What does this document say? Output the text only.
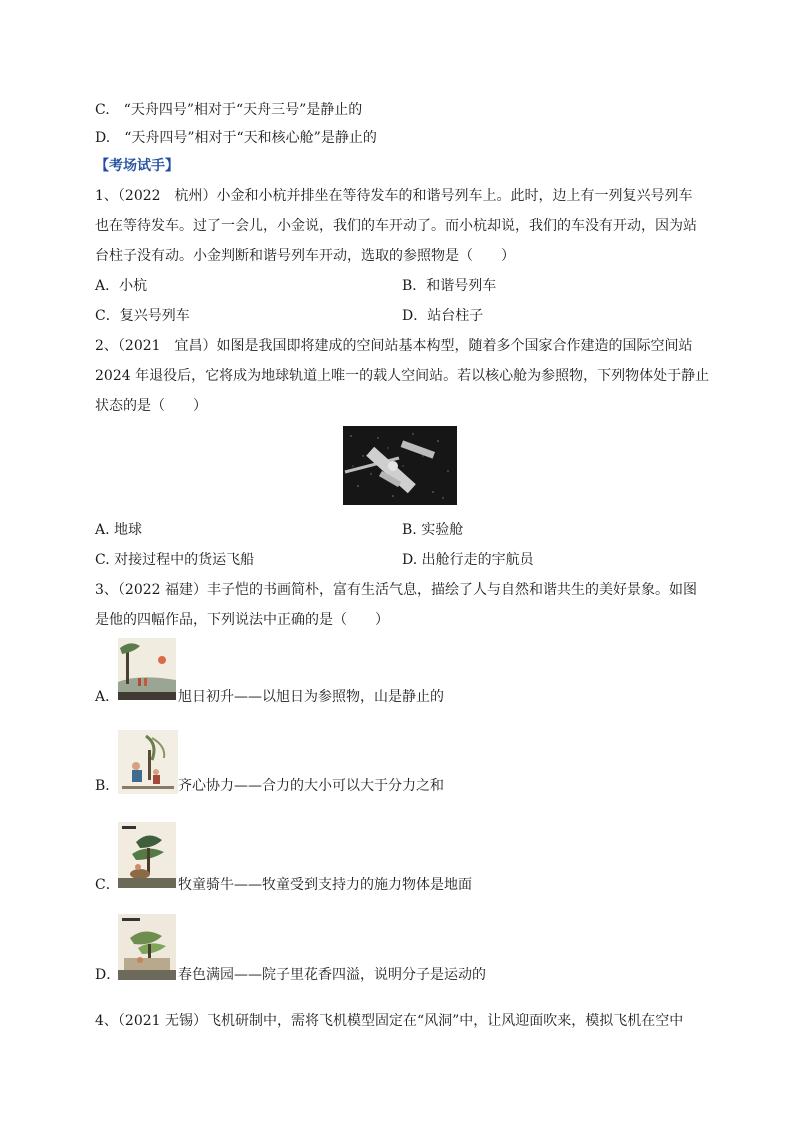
C.　 “天舟四号”相对于“天舟三号”是静止的
D.　 “天舟四号”相对于“天和核心舱”是静止的
【考场试手】
1、（2022　杭州）小金和小杭并排坐在等待发车的和谐号列车上。此时，边上有一列复兴号列车
也在等待发车。过了一会儿，小金说，我们的车开动了。而小杭却说，我们的车没有开动，因为站
台柱子没有动。小金判断和谐号列车开动，选取的参照物是（　　）
A．小杭	B．和谐号列车
C．复兴号列车	D．站台柱子
2、（2021　宜昌）如图是我国即将建成的空间站基本构型，随着多个国家合作建造的国际空间站
2024 年退役后，它将成为地球轨道上唯一的载人空间站。若以核心舱为参照物，下列物体处于静止
状态的是（　　）
A. 地球	B. 实验舱
C. 对接过程中的货运飞船	D. 出舱行走的宇航员
3、（2022 福建）丰子恺的书画简朴，富有生活气息，描绘了人与自然和谐共生的美好景象。如图
是他的四幅作品，下列说法中正确的是（　　）
A．	旭日初升——以旭日为参照物，山是静止的
B．	齐心协力——合力的大小可以大于分力之和
C．	牧童骑牛——牧童受到支持力的施力物体是地面
D．	春色满园——院子里花香四溢，说明分子是运动的
4、（2021 无锡）飞机研制中，需将飞机模型固定在“风洞”中，让风迎面吹来，模拟飞机在空中
